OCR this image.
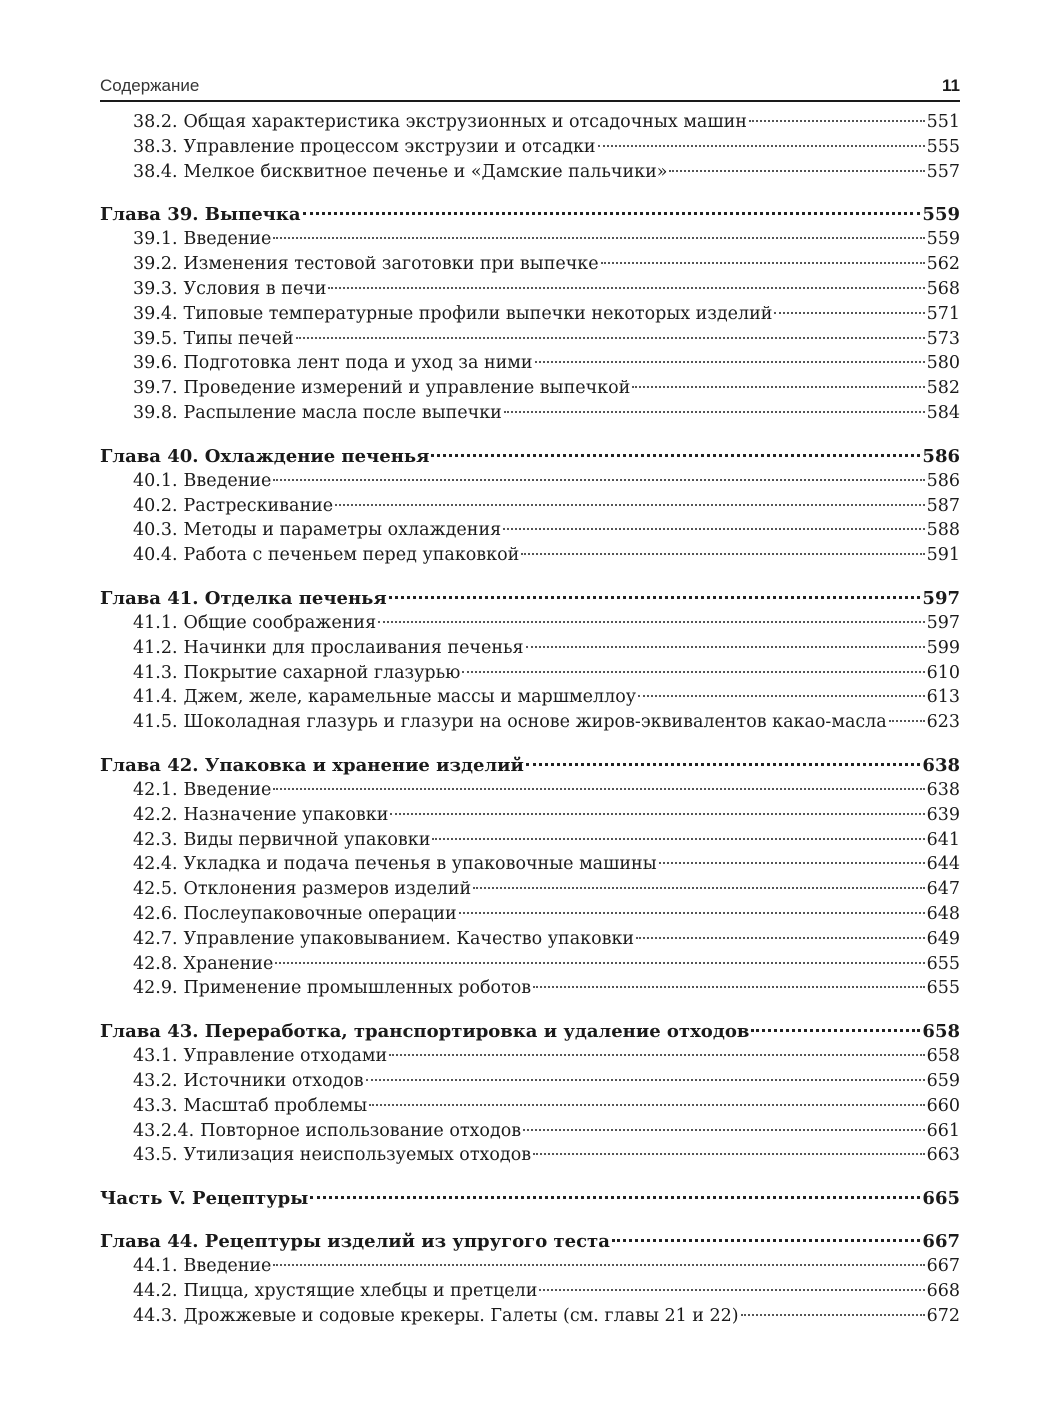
Содержание	11
38.2. Общая характеристика экструзионных и отсадочных машин	551
38.3. Управление процессом экструзии и отсадки	555
38.4. Мелкое бисквитное печенье и «Дамские пальчики»	557
Глава 39. Выпечка	559
39.1. Введение	559
39.2. Изменения тестовой заготовки при выпечке	562
39.3. Условия в печи	568
39.4. Типовые температурные профили выпечки некоторых изделий	571
39.5. Типы печей	573
39.6. Подготовка лент пода и уход за ними	580
39.7. Проведение измерений и управление выпечкой	582
39.8. Распыление масла после выпечки	584
Глава 40. Охлаждение печенья	586
40.1. Введение	586
40.2. Растрескивание	587
40.3. Методы и параметры охлаждения	588
40.4. Работа с печеньем перед упаковкой	591
Глава 41. Отделка печенья	597
41.1. Общие соображения	597
41.2. Начинки для прослаивания печенья	599
41.3. Покрытие сахарной глазурью	610
41.4. Джем, желе, карамельные массы и маршмеллоу	613
41.5. Шоколадная глазурь и глазури на основе жиров-эквивалентов какао-масла 623
Глава 42. Упаковка и хранение изделий	638
42.1. Введение	638
42.2. Назначение упаковки	639
42.3. Виды первичной упаковки	641
42.4. Укладка и подача печенья в упаковочные машины	644
42.5. Отклонения размеров изделий	647
42.6. Послеупаковочные операции	648
42.7. Управление упаковыванием. Качество упаковки	649
42.8. Хранение	655
42.9. Применение промышленных роботов	655
Глава 43. Переработка, транспортировка и удаление отходов	658
43.1. Управление отходами	658
43.2. Источники отходов	659
43.3. Масштаб проблемы	660
43.2.4. Повторное использование отходов	661
43.5. Утилизация неиспользуемых отходов	663
Часть V. Рецептуры	665
Глава 44. Рецептуры изделий из упругого теста	667
44.1. Введение	667
44.2. Пицца, хрустящие хлебцы и претцели	668
44.3. Дрожжевые и содовые крекеры. Галеты (см. главы 21 и 22)	672
